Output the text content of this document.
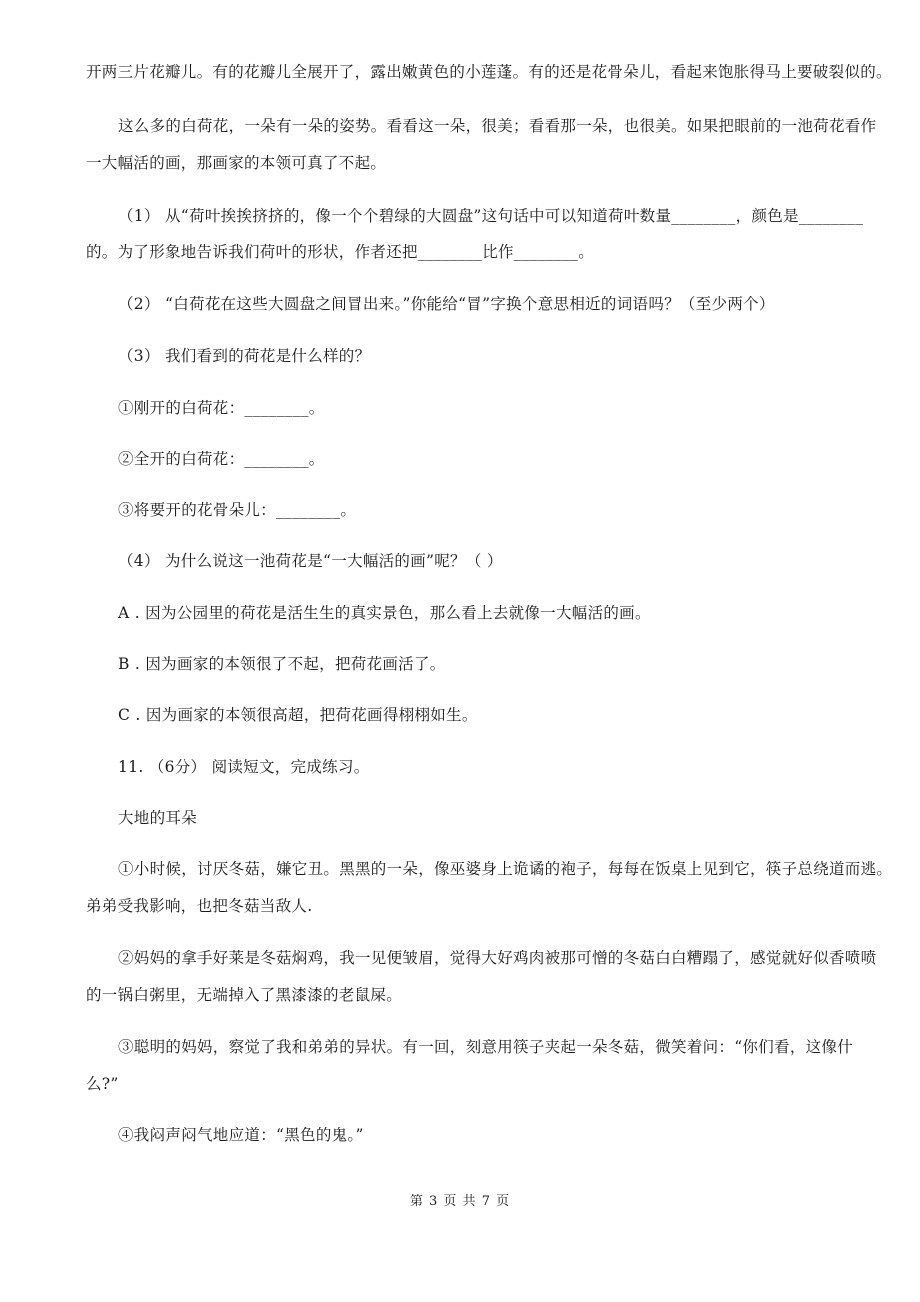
开两三片花瓣儿。有的花瓣儿全展开了，露出嫩黄色的小莲蓬。有的还是花骨朵儿，看起来饱胀得马上要破裂似的。
这么多的白荷花，一朵有一朵的姿势。看看这一朵，很美；看看那一朵，也很美。如果把眼前的一池荷花看作
一大幅活的画，那画家的本领可真了不起。
（1） 从“荷叶挨挨挤挤的，像一个个碧绿的大圆盘”这句话中可以知道荷叶数量________，颜色是________
的。为了形象地告诉我们荷叶的形状，作者还把________比作________。
（2） “白荷花在这些大圆盘之间冒出来。”你能给“冒”字换个意思相近的词语吗？（至少两个）
（3） 我们看到的荷花是什么样的？
①刚开的白荷花：________。
②全开的白荷花：________。
③将要开的花骨朵儿：________。
（4） 为什么说这一池荷花是“一大幅活的画”呢？（ ）
A . 因为公园里的荷花是活生生的真实景色，那么看上去就像一大幅活的画。
B . 因为画家的本领很了不起，把荷花画活了。
C . 因为画家的本领很高超，把荷花画得栩栩如生。
11. （6分） 阅读短文，完成练习。
大地的耳朵
①小时候，讨厌冬菇，嫌它丑。黑黑的一朵，像巫婆身上诡谲的袍子，每每在饭桌上见到它，筷子总绕道而逃。
弟弟受我影响，也把冬菇当敌人.
②妈妈的拿手好莱是冬菇焖鸡，我一见便皱眉，觉得大好鸡肉被那可憎的冬菇白白糟蹋了，感觉就好似香喷喷
的一锅白粥里，无端掉入了黑漆漆的老鼠屎。
③聪明的妈妈，察觉了我和弟弟的异状。有一回，刻意用筷子夹起一朵冬菇，微笑着问：“你们看，这像什
么?”
④我闷声闷气地应道：“黑色的鬼。”
第 3 页 共 7 页
